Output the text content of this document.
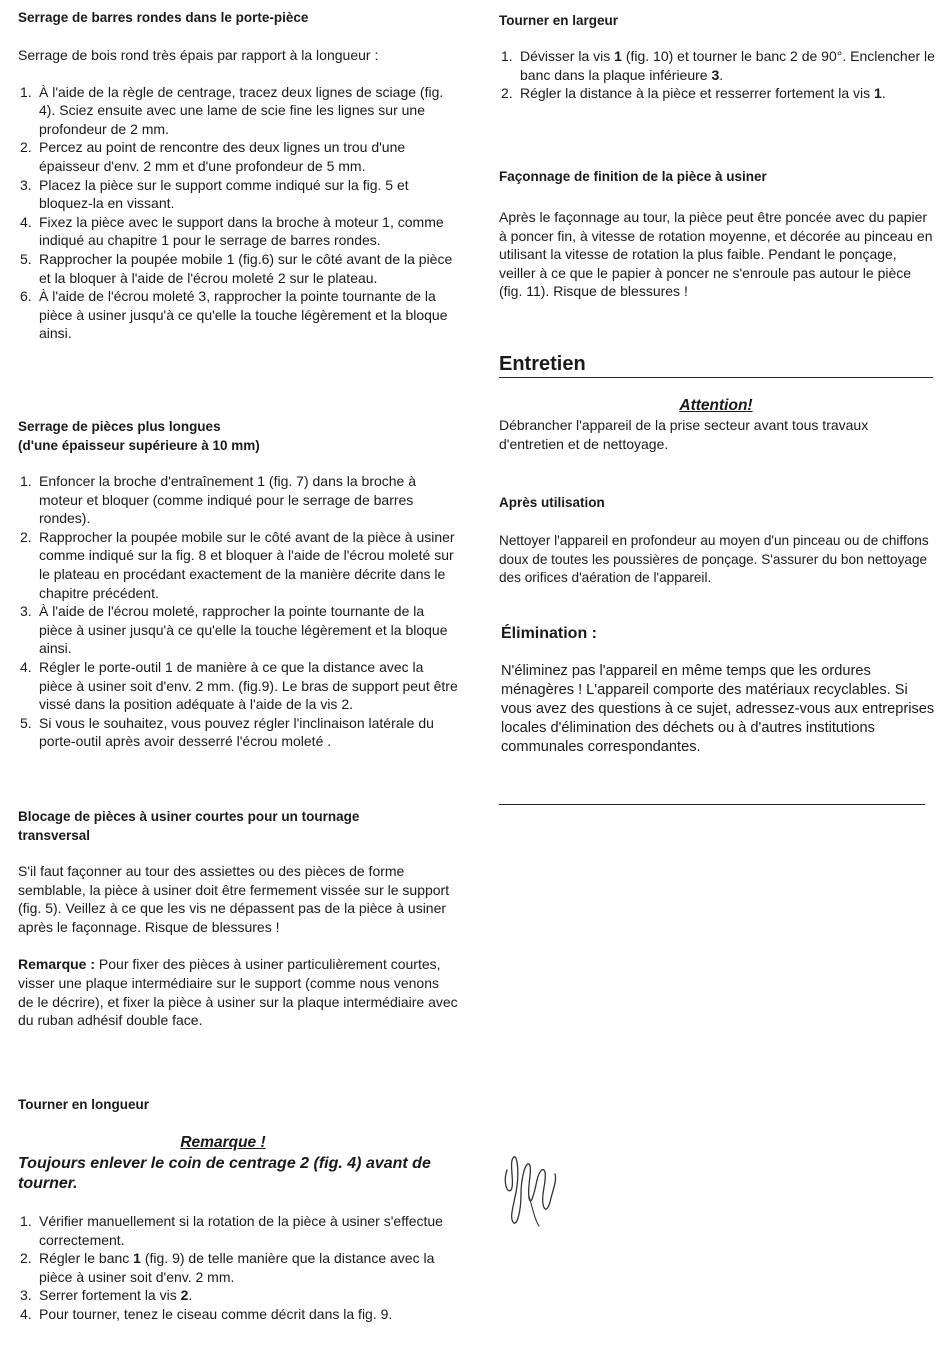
Serrage de barres rondes dans le porte-pièce

Serrage de bois rond très épais par rapport à la longueur :

1. À l'aide de la règle de centrage, tracez deux lignes de sciage (fig. 4). Sciez ensuite avec une lame de scie fine les lignes sur une profondeur de 2 mm.
2. Percez au point de rencontre des deux lignes un trou d'une épaisseur d'env. 2 mm et d'une profondeur de 5 mm.
3. Placez la pièce sur le support comme indiqué sur la fig. 5 et bloquez-la en vissant.
4. Fixez la pièce avec le support dans la broche à moteur 1, comme indiqué au chapitre 1 pour le serrage de barres rondes.
5. Rapprocher la poupée mobile 1 (fig.6) sur le côté avant de la pièce et la bloquer à l'aide de l'écrou moleté 2 sur le plateau.
6. À l'aide de l'écrou moleté 3, rapprocher la pointe tournante de la pièce à usiner jusqu'à ce qu'elle la touche légèrement et la bloque ainsi.
Serrage de pièces plus longues
(d'une épaisseur supérieure à 10 mm)
1. Enfoncer la broche d'entraînement 1 (fig. 7) dans la broche à moteur et bloquer (comme indiqué pour le serrage de barres rondes).
2. Rapprocher la poupée mobile sur le côté avant de la pièce à usiner comme indiqué sur la fig. 8 et bloquer à l'aide de l'écrou moleté sur le plateau en procédant exactement de la manière décrite dans le chapitre précédent.
3. À l'aide de l'écrou moleté, rapprocher la pointe tournante de la pièce à usiner jusqu'à ce qu'elle la touche légèrement et la bloque ainsi.
4. Régler le porte-outil 1 de manière à ce que la distance avec la pièce à usiner soit d'env. 2 mm. (fig.9). Le bras de support peut être vissé dans la position adéquate à l'aide de la vis 2.
5. Si vous le souhaitez, vous pouvez régler l'inclinaison latérale du porte-outil après avoir desserré l'écrou moleté .
Blocage de pièces à usiner courtes pour un tournage
transversal

S'il faut façonner au tour des assiettes ou des pièces de forme semblable, la pièce à usiner doit être fermement vissée sur le support (fig. 5). Veillez à ce que les vis ne dépassent pas de la pièce à usiner après le façonnage. Risque de blessures !

Remarque : Pour fixer des pièces à usiner particulièrement courtes, visser une plaque intermédiaire sur le support (comme nous venons de le décrire), et fixer la pièce à usiner sur la plaque intermédiaire avec du ruban adhésif double face.

Tourner en longueur
Remarque !

Toujours enlever le coin de centrage 2 (fig. 4) avant de tourner.

1. Vérifier manuellement si la rotation de la pièce à usiner s'effectue correctement.
2. Régler le banc 1 (fig. 9) de telle manière que la distance avec la pièce à usiner soit d'env. 2 mm.
3. Serrer fortement la vis 2.
4. Pour tourner, tenez le ciseau comme décrit dans la fig. 9.
Tourner en largeur
1. Dévisser la vis 1 (fig. 10) et tourner le banc 2 de 90°. Enclencher le banc dans la plaque inférieure 3.
2. Régler la distance à la pièce et resserrer fortement la vis 1.
Façonnage de finition de la pièce à usiner

Après le façonnage au tour, la pièce peut être poncée avec du papier à poncer fin, à vitesse de rotation moyenne, et décorée au pinceau en utilisant la vitesse de rotation la plus faible. Pendant le ponçage, veiller à ce que le papier à poncer ne s'enroule pas autour le pièce (fig. 11). Risque de blessures !

Entretien
Attention!

Débrancher l'appareil de la prise secteur avant tous travaux d'entretien et de nettoyage.

Après utilisation

Nettoyer l'appareil en profondeur au moyen d'un pinceau ou de chiffons doux de toutes les poussières de ponçage. S'assurer du bon nettoyage des orifices d'aération de l'appareil.

Élimination :

N'éliminez pas l'appareil en même temps que les ordures ménagères ! L'appareil comporte des matériaux recyclables. Si vous avez des questions à ce sujet, adressez-vous aux entreprises locales d'élimination des déchets ou à d'autres institutions communales correspondantes.
